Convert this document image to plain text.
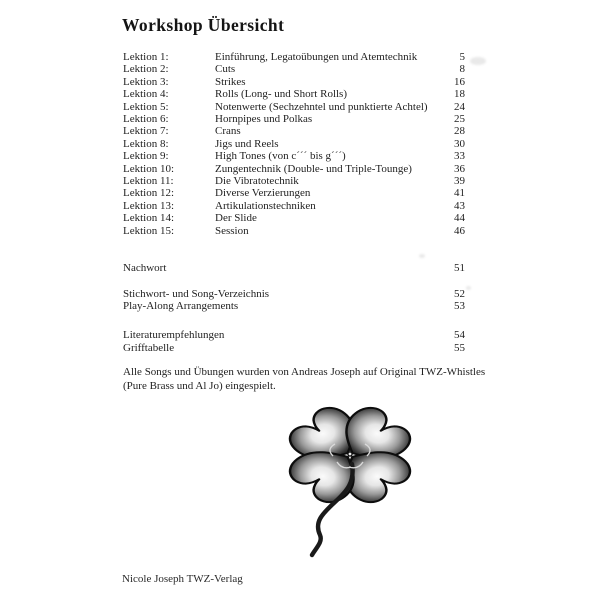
Workshop Übersicht
Lektion 1:	Einführung, Legatoübungen und Atemtechnik	5
Lektion 2:	Cuts	8
Lektion 3:	Strikes	16
Lektion 4:	Rolls (Long- und Short Rolls)	18
Lektion 5:	Notenwerte (Sechzehntel und punktierte Achtel)	24
Lektion 6:	Hornpipes und Polkas	25
Lektion 7:	Crans	28
Lektion 8:	Jigs und Reels	30
Lektion 9:	High Tones (von c´´´ bis g´´´)	33
Lektion 10:	Zungentechnik (Double- und Triple-Tounge)	36
Lektion 11:	Die Vibratotechnik	39
Lektion 12:	Diverse Verzierungen	41
Lektion 13:	Artikulationstechniken	43
Lektion 14:	Der Slide	44
Lektion 15:	Session	46
Nachwort	51
Stichwort- und Song-Verzeichnis	52
Play-Along Arrangements	53
Literaturempfehlungen	54
Grifftabelle	55
Alle Songs und Übungen wurden von Andreas Joseph auf Original TWZ-Whistles
(Pure Brass und Al Jo) eingespielt.
Nicole Joseph TWZ-Verlag
